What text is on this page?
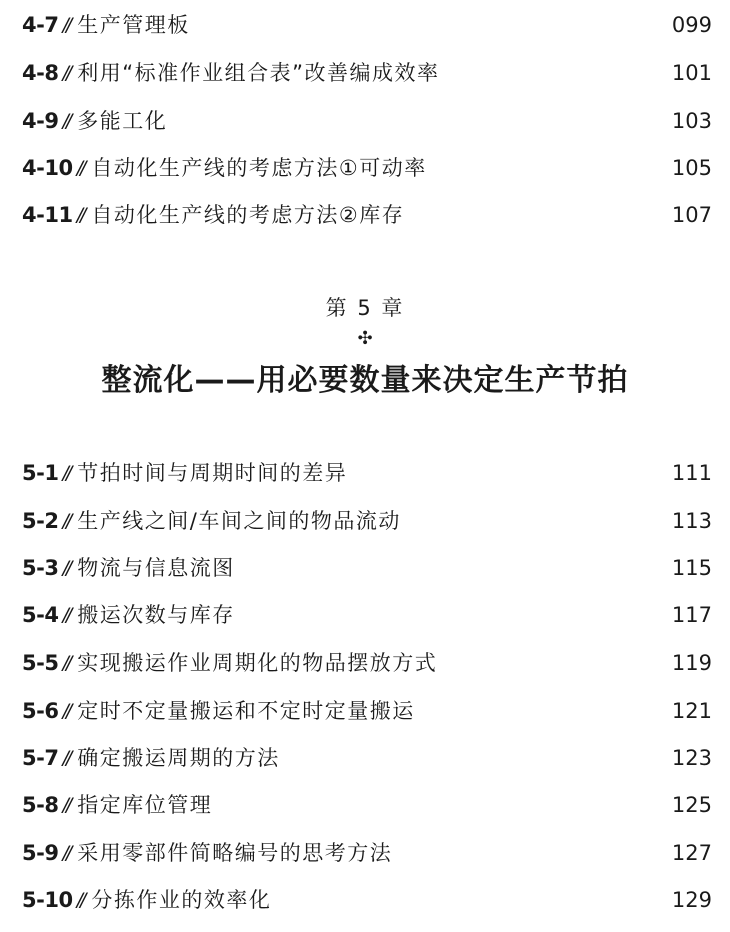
4-7 // 生产管理板	099
4-8 // 利用“标准作业组合表”改善编成效率	101
4-9 // 多能工化	103
4-10 // 自动化生产线的考虑方法①可动率	105
4-11 // 自动化生产线的考虑方法②库存	107
第 5 章
✣
整流化——用必要数量来决定生产节拍
5-1 // 节拍时间与周期时间的差异	111
5-2 // 生产线之间/车间之间的物品流动	113
5-3 // 物流与信息流图	115
5-4 // 搬运次数与库存	117
5-5 // 实现搬运作业周期化的物品摆放方式	119
5-6 // 定时不定量搬运和不定时定量搬运	121
5-7 // 确定搬运周期的方法	123
5-8 // 指定库位管理	125
5-9 // 采用零部件简略编号的思考方法	127
5-10 // 分拣作业的效率化	129
